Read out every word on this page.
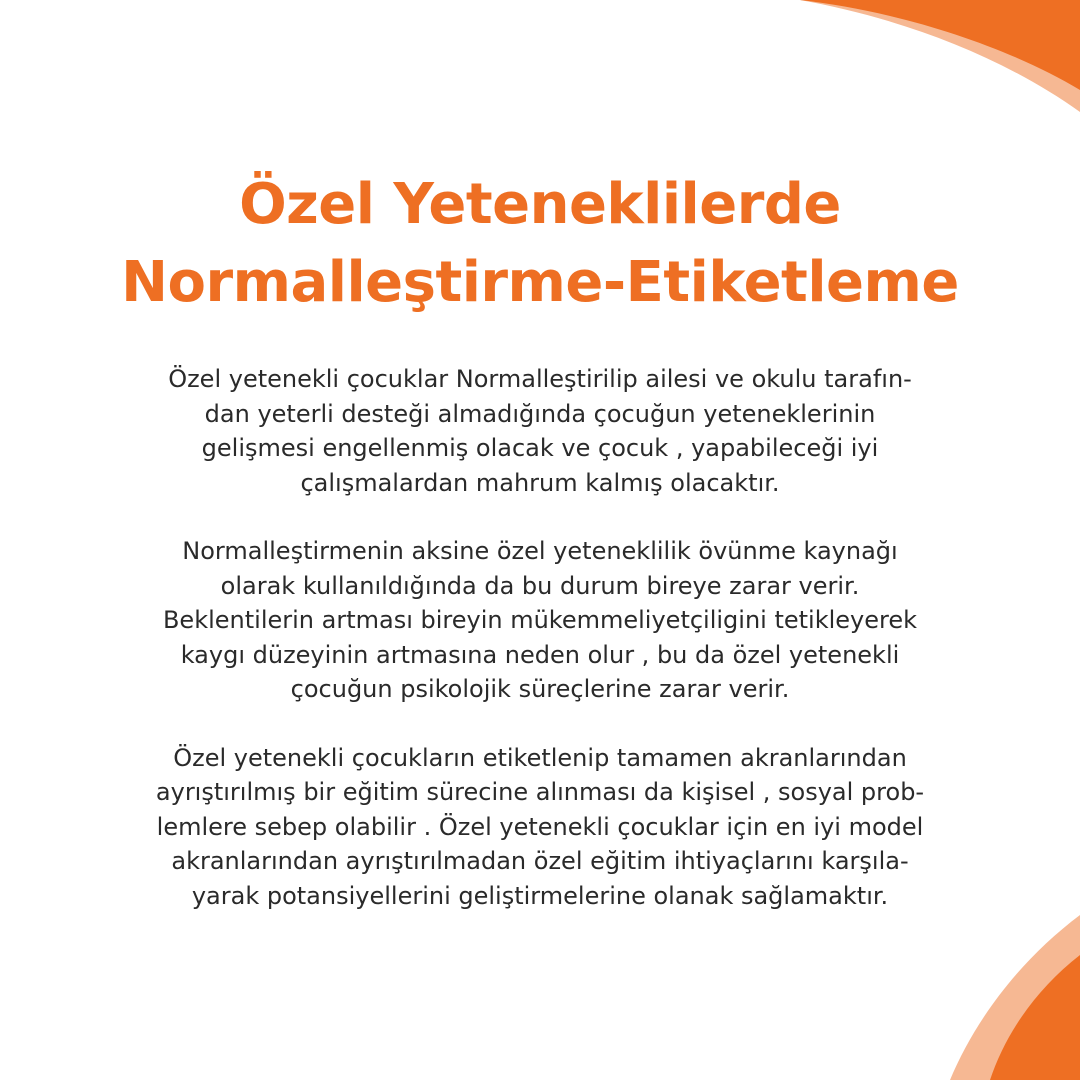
Özel Yeteneklilerde
Normalleştirme-Etiketleme

Özel yetenekli çocuklar Normalleştirilip ailesi ve okulu tarafın-
dan yeterli desteği almadığında çocuğun yeteneklerinin
gelişmesi engellenmiş olacak ve çocuk , yapabileceği iyi
çalışmalardan mahrum kalmış olacaktır.

Normalleştirmenin aksine özel yeteneklilik övünme kaynağı
olarak kullanıldığında da bu durum bireye zarar verir.
Beklentilerin artması bireyin mükemmeliyetçiligini tetikleyerek
kaygı düzeyinin artmasına neden olur , bu da özel yetenekli
çocuğun psikolojik süreçlerine zarar verir.

Özel yetenekli çocukların etiketlenip tamamen akranlarından
ayrıştırılmış bir eğitim sürecine alınması da kişisel , sosyal prob-
lemlere sebep olabilir . Özel yetenekli çocuklar için en iyi model
akranlarından ayrıştırılmadan özel eğitim ihtiyaçlarını karşıla-
yarak potansiyellerini geliştirmelerine olanak sağlamaktır.
